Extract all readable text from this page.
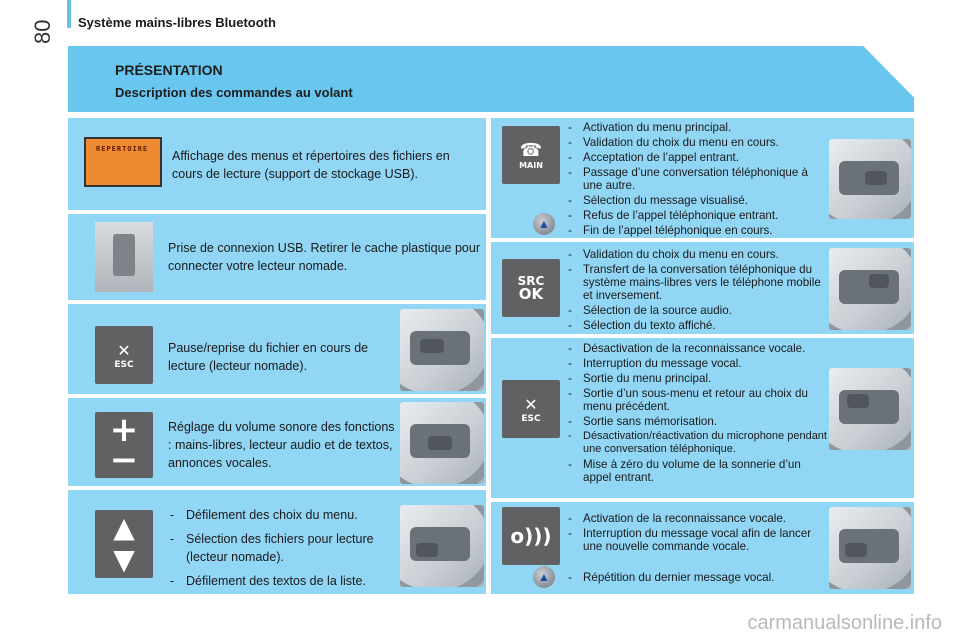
80 Système mains-libres Bluetooth
PRÉSENTATION
Description des commandes au volant
REPERTOIRE Affichage des menus et répertoires des fichiers en cours de lecture (support de stockage USB).
Prise de connexion USB. Retirer le cache plastique pour connecter votre lecteur nomade.
✕
ESC
Pause/reprise du fichier en cours de lecture (lecteur nomade).
+
−
Réglage du volume sonore des fonctions : mains-libres, lecteur audio et de textos, annonces vocales.
▲
▼
- Défilement des choix du menu.
- Sélection des fichiers pour lecture (lecteur nomade).
- Défilement des textos de la liste.
☎
MAIN
▲
- Activation du menu principal.
- Validation du choix du menu en cours.
- Acceptation de l’appel entrant.
- Passage d’une conversation téléphonique à une autre.
- Sélection du message visualisé.
- Refus de l’appel téléphonique entrant.
- Fin de l’appel téléphonique en cours.
SRC
OK
- Validation du choix du menu en cours.
- Transfert de la conversation téléphonique du système mains-libres vers le téléphone mobile et inversement.
- Sélection de la source audio.
- Sélection du texto affiché.
✕
ESC
- Désactivation de la reconnaissance vocale.
- Interruption du message vocal.
- Sortie du menu principal.
- Sortie d’un sous-menu et retour au choix du menu précédent.
- Sortie sans mémorisation.
- Désactivation/réactivation du microphone pendant une conversation téléphonique.
- Mise à zéro du volume de la sonnerie d’un appel entrant.
o)))
▲
- Activation de la reconnaissance vocale.
- Interruption du message vocal afin de lancer une nouvelle commande vocale.
- Répétition du dernier message vocal.
carmanualsonline.info
